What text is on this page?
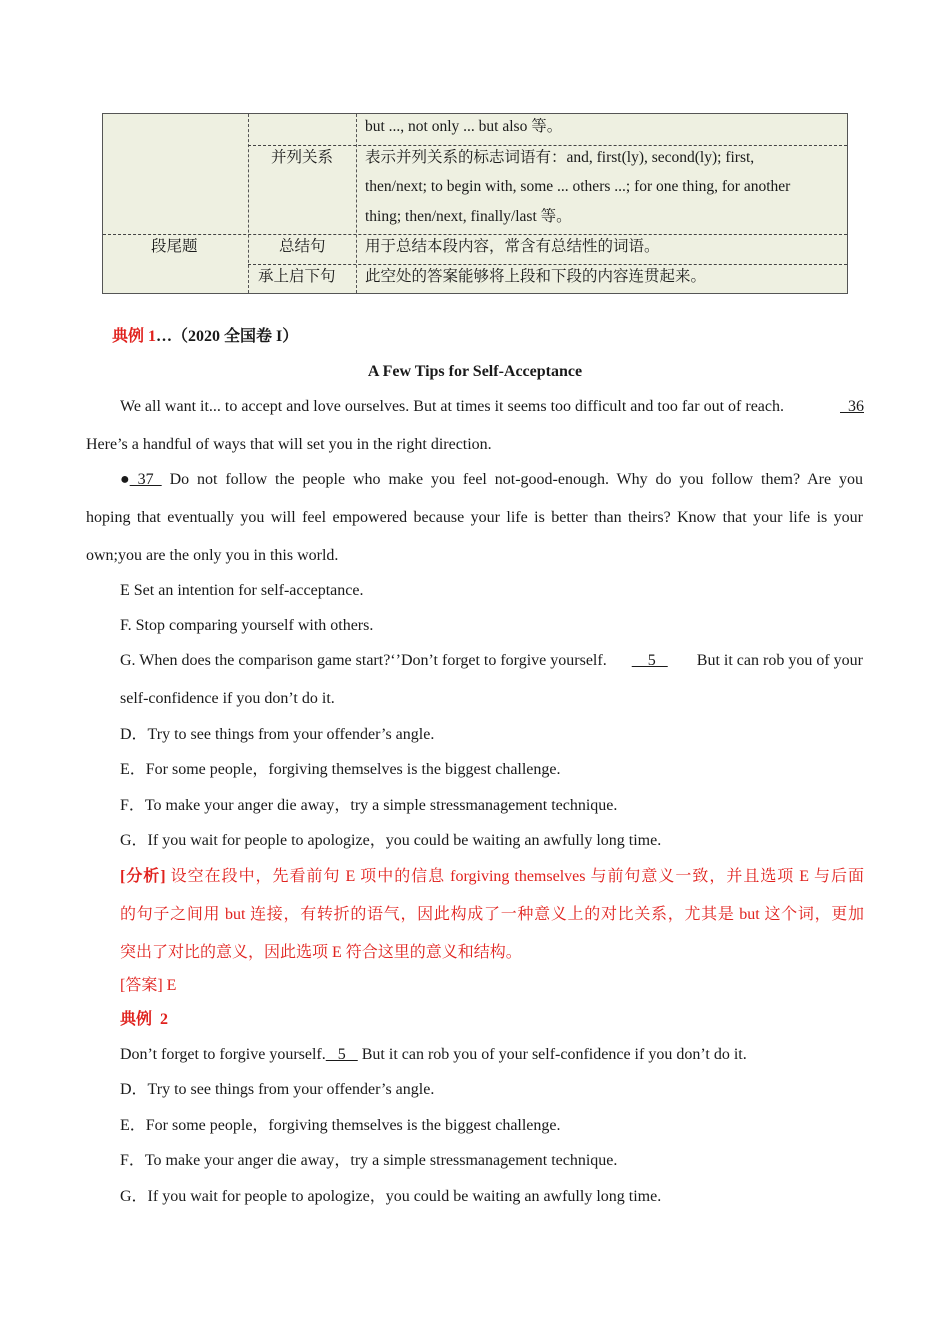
but ..., not only ... but also 等。
并列关系 表示并列关系的标志词语有：and, first(ly), second(ly); first,
then/next; to begin with, some ... others ...; for one thing, for another
thing; then/next, finally/last 等。
段尾题	总结句	用于总结本段内容，常含有总结性的词语。
承上启下句 此空处的答案能够将上段和下段的内容连贯起来。
典例 1…（2020 全国卷 I）
A Few Tips for Self-Acceptance
We all want it... to accept and love ourselves. But at times it seems too difficult and too far out of reach.	36
Here’s a handful of ways that will set you in the right direction.
● 37 Do not follow the people who make you feel not-good-enough. Why do you follow them? Are you
hoping that eventually you will feel empowered because your life is better than theirs? Know that your life is your
own;you are the only you in this world.
E Set an intention for self-acceptance.
F. Stop comparing yourself with others.
G. When does the comparison game start?‘’Don’t forget to forgive yourself. 5 But it can rob you of your
self-confidence if you don’t do it.
D．Try to see things from your offender’s angle.
E．For some people，forgiving themselves is the biggest challenge.
F．To make your anger die away，try a simple stressmanagement technique.
G．If you wait for people to apologize，you could be waiting an awfully long time.
[分析] 设空在段中，先看前句 E 项中的信息 forgiving themselves 与前句意义一致，并且选项 E 与后面
的句子之间用 but 连接，有转折的语气，因此构成了一种意义上的对比关系，尤其是 but 这个词，更加
突出了对比的意义，因此选项 E 符合这里的意义和结构。
[答案] E
典例  2
Don’t forget to forgive yourself.   5    But it can rob you of your self-confidence if you don’t do it.
D．Try to see things from your offender’s angle.
E．For some people，forgiving themselves is the biggest challenge.
F．To make your anger die away，try a simple stressmanagement technique.
G．If you wait for people to apologize，you could be waiting an awfully long time.
